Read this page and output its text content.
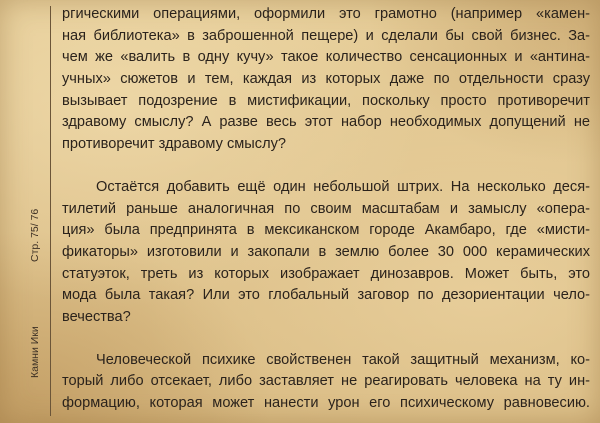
Стр. 75/ 76
Камни Ики
ргическими операциями, оформили это грамотно (например «камен-
ная библиотека» в заброшенной пещере) и сделали бы свой бизнес. За-
чем же «валить в одну кучу» такое количество сенсационных и «антина-
учных» сюжетов и тем, каждая из которых даже по отдельности сразу
вызывает подозрение в мистификации, поскольку просто противоречит
здравому смыслу? А разве весь этот набор необходимых допущений не
противоречит здравому смыслу?
Остаётся добавить ещё один небольшой штрих. На несколько деся-
тилетий раньше аналогичная по своим масштабам и замыслу «опера-
ция» была предпринята в мексиканском городе Акамбаро, где «мисти-
фикаторы» изготовили и закопали в землю более 30 000 керамических
статуэток, треть из которых изображает динозавров. Может быть, это
мода была такая? Или это глобальный заговор по дезориентации чело-
вечества?
Человеческой психике свойственен такой защитный механизм, ко-
торый либо отсекает, либо заставляет не реагировать человека на ту ин-
формацию, которая может нанести урон его психическому равновесию.
